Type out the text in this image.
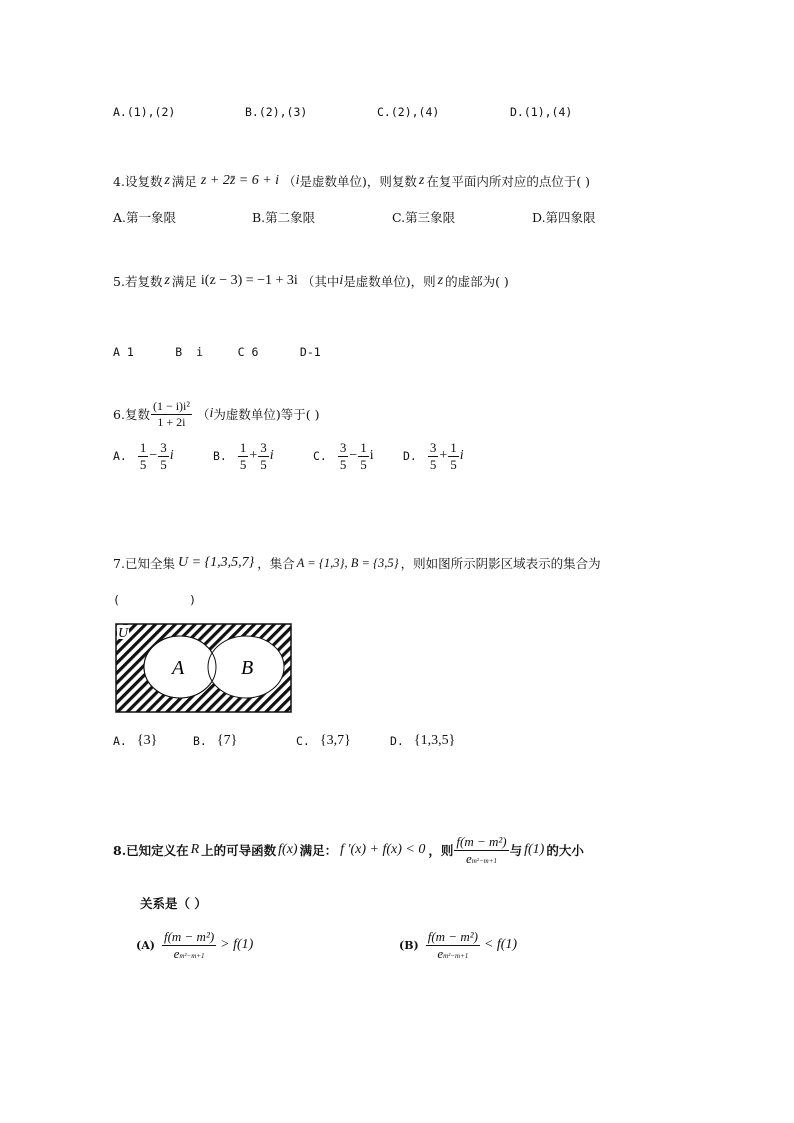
A.(1),(2)	B.(2),(3)	C.(2),(4)	D.(1),(4)
4. 设复数 z 满足 z + 2z̄ = 6 + i （ i 是虚数单位)，则复数 z 在复平面内所对应的点位于( )
A.第一象限	B.第二象限	C.第三象限	D.第四象限
5. 若复数 z 满足 i(z − 3) = −1 + 3i （其中 i 是虚数单位)，则 z 的虚部为( )
A 1      B  i     C 6      D-1
6. 复数 $\frac{\text{(1 − i)i²}}{1 + 2i}$ （ i 为虚数单位)等于( )
A. $\frac{1}{5} - \frac{3}{5}$ i	B. $\frac{1}{5} + \frac{3}{5}$ i	C. $\frac{3}{5} - \frac{1}{5}$ i	D. $\frac{3}{5} + \frac{1}{5}$ i
7. 已知全集 U = {1,3,5,7} ，集合 A = {1,3}, B = {3,5} ，则如图所示阴影区域表示的集合为
(          )
U
A	B
A. {3}	B. {7}	C. {3,7}	D. {1,3,5}
8. 已知定义在 R 上的可导函数 f(x) 满足： f '(x) + f(x) < 0 ，则 $\frac{\text{f(m − m²)}}{\text{em²−m+1}}$ 与 f(1) 的大小
关系是（ ）
$(A) \frac{\text{f(m − m²)}}{\text{em²−m+1}} > f(1)$	$(B) \frac{\text{f(m − m²)}}{\text{em²−m+1}} < f(1)$
